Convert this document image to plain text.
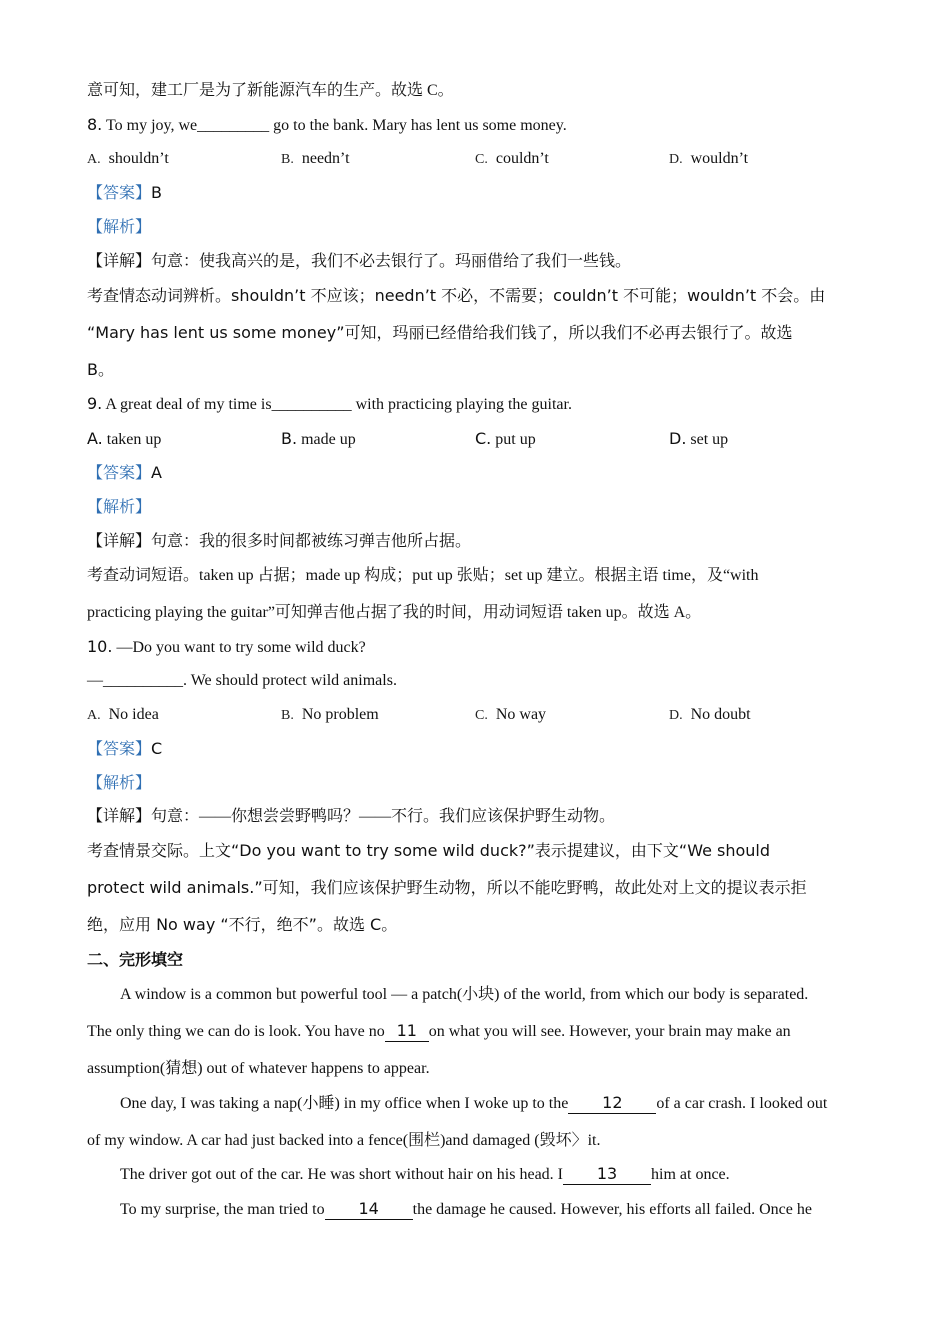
意可知，建工厂是为了新能源汽车的生产。故选 C。
8. To my joy, we_________ go to the bank. Mary has lent us some money.
A. shouldn’t	B. needn’t	C. couldn’t	D. wouldn’t
【答案】B
【解析】
【详解】句意：使我高兴的是，我们不必去银行了。玛丽借给了我们一些钱。
考查情态动词辨析。shouldn’t 不应该；needn’t 不必，不需要；couldn’t 不可能；wouldn’t 不会。由
“Mary has lent us some money”可知，玛丽已经借给我们钱了，所以我们不必再去银行了。故选
B。
9. A great deal of my time is__________ with practicing playing the guitar.
A. taken up	B. made up	C. put up	D. set up
【答案】A
【解析】
【详解】句意：我的很多时间都被练习弹吉他所占据。
考查动词短语。taken up 占据；made up 构成；put up 张贴；set up 建立。根据主语 time，及“with
practicing playing the guitar”可知弹吉他占据了我的时间，用动词短语 taken up。故选 A。
10. —Do you want to try some wild duck?
—__________. We should protect wild animals.
A. No idea	B. No problem	C. No way	D. No doubt
【答案】C
【解析】
【详解】句意：——你想尝尝野鸭吗？——不行。我们应该保护野生动物。
考查情景交际。上文“Do you want to try some wild duck?”表示提建议，由下文“We should
protect wild animals.”可知，我们应该保护野生动物，所以不能吃野鸭，故此处对上文的提议表示拒
绝，应用 No way “不行，绝不”。故选 C。
二、完形填空
A window is a common but powerful tool — a patch(小块) of the world, from which our body is separated.
The only thing we can do is look. You have no 11 on what you will see. However, your brain may make an
assumption(猜想) out of whatever happens to appear.
One day, I was taking a nap(小睡) in my office when I woke up to the 12 of a car crash. I looked out
of my window. A car had just backed into a fence(围栏)and damaged (毁坏〉it.
The driver got out of the car. He was short without hair on his head. I 13 him at once.
To my surprise, the man tried to 14 the damage he caused. However, his efforts all failed. Once he
